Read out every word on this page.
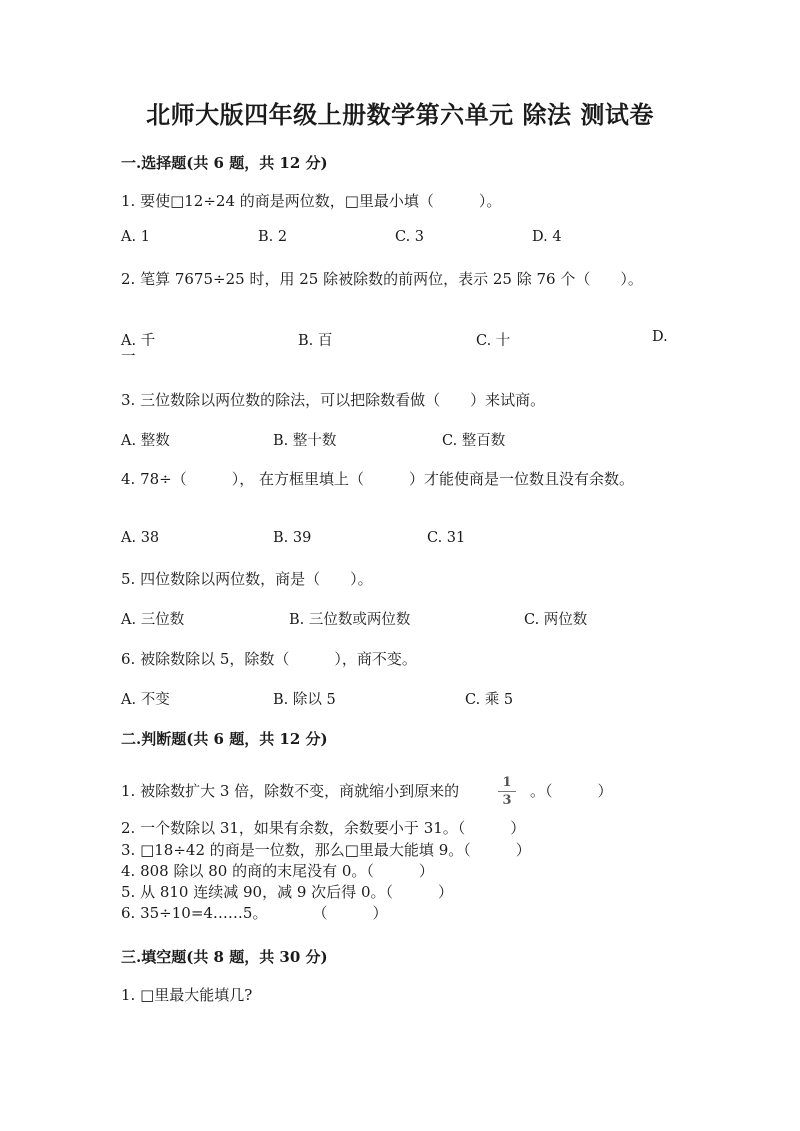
北师大版四年级上册数学第六单元 除法 测试卷
一.选择题(共 6 题，共 12 分)
1. 要使□12÷24 的商是两位数，□里最小填（　　　）。
A. 1	B. 2	C. 3	D. 4
2. 笔算 7675÷25 时，用 25 除被除数的前两位，表示 25 除 76 个（　　）。
A. 千	B. 百	C. 十	D.
一
3. 三位数除以两位数的除法，可以把除数看做（　　）来试商。
A. 整数	B. 整十数	C. 整百数
4. 78÷（　　　）， 在方框里填上（　　　）才能使商是一位数且没有余数。
A. 38	B. 39	C. 31
5. 四位数除以两位数，商是（　　）。
A. 三位数	B. 三位数或两位数	C. 两位数
6. 被除数除以 5，除数（　　　），商不变。
A. 不变	B. 除以 5	C. 乘 5
二.判断题(共 6 题，共 12 分)
1. 被除数扩大 3 倍，除数不变，商就缩小到原来的	1
3
。（　　　）
2. 一个数除以 31，如果有余数，余数要小于 31。（　　　）
3. □18÷42 的商是一位数，那么□里最大能填 9。（　　　）
4. 808 除以 80 的商的末尾没有 0。（　　　）
5. 从 810 连续减 90，减 9 次后得 0。（　　　）
6. 35÷10=4……5。　　　　（　　　）
三.填空题(共 8 题，共 30 分)
1. □里最大能填几?
